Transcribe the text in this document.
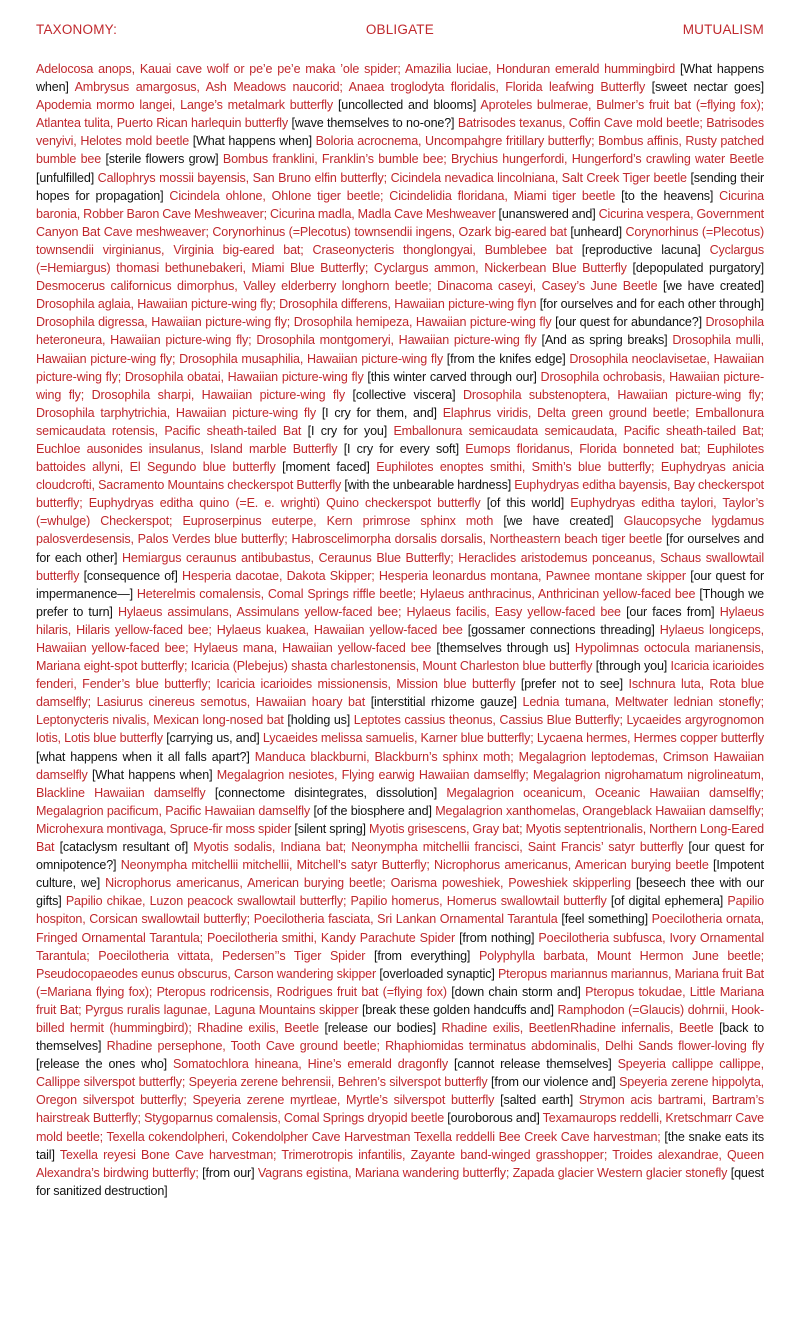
TAXONOMY:	OBLIGATE	MUTUALISM
Adelocosa anops, Kauai cave wolf or pe’e pe’e maka ’ole spider; Amazilia luciae, Honduran emerald hummingbird [What happens when] Ambrysus amargosus, Ash Meadows naucorid; Anaea troglodyta floridalis, Florida leafwing Butterfly [sweet nectar goes] Apodemia mormo langei, Lange’s metalmark butterfly [uncollected and blooms] Aproteles bulmerae, Bulmer’s fruit bat (=flying fox); Atlanteа tulita, Puerto Rican harlequin butterfly [wave themselves to no-one?] Batrisodes texanus, Coffin Cave mold beetle; Batrisodes venyivi, Helotes mold beetle [What happens when] Boloria acrocnema, Uncompahgre fritillary butterfly; Bombus affinis, Rusty patched bumble bee [sterile flowers grow] Bombus franklini, Franklin’s bumble bee; Brychius hungerfordi, Hungerford’s crawling water Beetle [unfulfilled] Callophrys mossii bayensis, San Bruno elfin butterfly; Cicindela nevadica lincolniana, Salt Creek Tiger beetle [sending their hopes for propagation] Cicindela ohlone, Ohlone tiger beetle; Cicindelidia floridana, Miami tiger beetle [to the heavens] Cicurina baronia, Robber Baron Cave Meshweaver; Cicurina madla, Madla Cave Meshweaver [unanswered and] Cicurina vespera, Government Canyon Bat Cave meshweaver; Corynorhinus (=Plecotus) townsendii ingens, Ozark big-eared bat [unheard] Corynorhinus (=Plecotus) townsendii virginianus, Virginia big-eared bat; Craseonycteris thonglongyai, Bumblebee bat [reproductive lacuna] Cyclargus (=Hemiargus) thomasi bethunebakeri, Miami Blue Butterfly; Cyclargus ammon, Nickerbean Blue Butterfly [depopulated purgatory] Desmocerus californicus dimorphus, Valley elderberry longhorn beetle; Dinacoma caseyi, Casey’s June Beetle [we have created] Drosophila aglaia, Hawaiian picture-wing fly; Drosophila differens, Hawaiian picture-wing flyn [for ourselves and for each other through] Drosophila digressa, Hawaiian picture-wing fly; Drosophila hemipeza, Hawaiian picture-wing fly [our quest for abundance?] Drosophila heteroneura, Hawaiian picture-wing fly; Drosophila montgomeryi, Hawaiian picture-wing fly [And as spring breaks] Drosophila mulli, Hawaiian picture-wing fly; Drosophila musaphilia, Hawaiian picture-wing fly [from the knifes edge] Drosophila neoclavisetae, Hawaiian picture-wing fly; Drosophila obatai, Hawaiian picture-wing fly [this winter carved through our] Drosophila ochrobasis, Hawaiian picture-wing fly; Drosophila sharpi, Hawaiian picture-wing fly [collective viscera] Drosophila substenoptera, Hawaiian picture-wing fly; Drosophila tarphytrichia, Hawaiian picture-wing fly [I cry for them, and] Elaphrus viridis, Delta green ground beetle; Emballonura semicaudata rotensis, Pacific sheath-tailed Bat [I cry for you] Emballonura semicaudata semicaudata, Pacific sheath-tailed Bat; Euchloe ausonides insulanus, Island marble Butterfly [I cry for every soft] Eumops floridanus, Florida bonneted bat; Euphilotes battoides allyni, El Segundo blue butterfly [moment faced] Euphilotes enoptes smithi, Smith’s blue butterfly; Euphydryas anicia cloudcrofti, Sacramento Mountains checkerspot Butterfly [with the unbearable hardness] Euphydryas editha bayensis, Bay checkerspot butterfly; Euphydryas editha quino (=E. e. wrighti) Quino checkerspot butterfly [of this world] Euphydryas editha taylori, Taylor’s (=whulge) Checkerspot; Euproserpinus euterpe, Kern primrose sphinx moth [we have created] Glaucopsyche lygdamus palosverdesensis, Palos Verdes blue butterfly; Habroscelimorpha dorsalis dorsalis, Northeastern beach tiger beetle [for ourselves and for each other] Hemiargus ceraunus antibubastus, Ceraunus Blue Butterfly; Heraclides aristodemus ponceanus, Schaus swallowtail butterfly [consequence of] Hesperia dacotae, Dakota Skipper; Hesperia leonardus montana, Pawnee montane skipper [our quest for impermanence—] Heterelmis comalensis, Comal Springs riffle beetle; Hylaeus anthracinus, Anthricinan yellow-faced bee [Though we prefer to turn] Hylaeus assimulans, Assimulans yellow-faced bee; Hylaeus facilis, Easy yellow-faced bee [our faces from] Hylaeus hilaris, Hilaris yellow-faced bee; Hylaeus kuakea, Hawaiian yellow-faced bee [gossamer connections threading] Hylaeus longiceps, Hawaiian yellow-faced bee; Hylaeus mana, Hawaiian yellow-faced bee [themselves through us] Hypolimnas octocula marianensis, Mariana eight-spot butterfly; Icaricia (Plebejus) shasta charlestonensis, Mount Charleston blue butterfly [through you] Icaricia icarioides fenderi, Fender’s blue butterfly; Icaricia icarioides missionensis, Mission blue butterfly [prefer not to see] Ischnura luta, Rota blue damselfly; Lasiurus cinereus semotus, Hawaiian hoary bat [interstitial rhizome gauze] Lednia tumana, Meltwater lednian stonefly; Leptonycteris nivalis, Mexican long-nosed bat [holding us] Leptotes cassius theonus, Cassius Blue Butterfly; Lycaeides argyrognomon lotis, Lotis blue butterfly [carrying us, and] Lycaeides melissa samuelis, Karner blue butterfly; Lycaena hermes, Hermes copper butterfly [what happens when it all falls apart?] Manduca blackburni, Blackburn’s sphinx moth; Megalagrion leptodemas, Crimson Hawaiian damselfly [What happens when] Megalagrion nesiotes, Flying earwig Hawaiian damselfly; Megalagrion nigrohamatum nigrolineatum, Blackline Hawaiian damselfly [connectome disintegrates, dissolution] Megalagrion oceanicum, Oceanic Hawaiian damselfly; Megalagrion pacificum, Pacific Hawaiian damselfly [of the biosphere and] Megalagrion xanthomelas, Orangeblack Hawaiian damselfly; Microhexura montivaga, Spruce-fir moss spider [silent spring] Myotis grisescens, Gray bat; Myotis septentrionalis, Northern Long-Eared Bat [cataclysm resultant of] Myotis sodalis, Indiana bat; Neonympha mitchellii francisci, Saint Francis’ satyr butterfly [our quest for omnipotence?] Neonympha mitchellii mitchellii, Mitchell’s satyr Butterfly; Nicrophorus americanus, American burying beetle [Impotent culture, we] Nicrophorus americanus, American burying beetle; Oarisma poweshiek, Poweshiek skipperling [beseech thee with our gifts] Papilio chikae, Luzon peacock swallowtail butterfly; Papilio homerus, Homerus swallowtail butterfly [of digital ephemera] Papilio hospiton, Corsican swallowtail butterfly; Poecilotheria fasciata, Sri Lankan Ornamental Tarantula [feel something] Poecilotheria ornata, Fringed Ornamental Tarantula; Poecilotheria smithi, Kandy Parachute Spider [from nothing] Poecilotheria subfusca, Ivory Ornamental Tarantula; Poecilotheria vittata, Pedersen’’s Tiger Spider [from everything] Polyphylla barbata, Mount Hermon June beetle; Pseudocopaeodes eunus obscurus, Carson wandering skipper [overloaded synaptic] Pteropus mariannus mariannus, Mariana fruit Bat (=Mariana flying fox); Pteropus rodricensis, Rodrigues fruit bat (=flying fox) [down chain storm and] Pteropus tokudae, Little Mariana fruit Bat; Pyrgus ruralis lagunae, Laguna Mountains skipper [break these golden handcuffs and] Ramphodon (=Glaucis) dohrnii, Hook-billed hermit (hummingbird); Rhadine exilis, Beetle [release our bodies] Rhadine exilis, BeetlenRhadine infernalis, Beetle [back to themselves] Rhadine persephone, Tooth Cave ground beetle; Rhaphiomidas terminatus abdominalis, Delhi Sands flower-loving fly [release the ones who] Somatochlora hineana, Hine’s emerald dragonfly [cannot release themselves] Speyeria callippe callippe, Callippe silverspot butterfly; Speyeria zerene behrensii, Behren’s silverspot butterfly [from our violence and] Speyeria zerene hippolyta, Oregon silverspot butterfly; Speyeria zerene myrtleae, Myrtle’s silverspot butterfly [salted earth] Strymon acis bartrami, Bartram’s hairstreak Butterfly; Stygoparnus comalensis, Comal Springs dryopid beetle [ouroborous and] Texamaurops reddelli, Kretschmarr Cave mold beetle; Texella cokendolpheri, Cokendolpher Cave Harvestman Texella reddelli Bee Creek Cave harvestman; [the snake eats its tail] Texella reyesi Bone Cave harvestman; Trimerotropis infantilis, Zayante band-winged grasshopper; Troides alexandrae, Queen Alexandra’s birdwing butterfly; [from our] Vagrans egistina, Mariana wandering butterfly; Zapada glacier Western glacier stonefly [quest for sanitized destruction]
